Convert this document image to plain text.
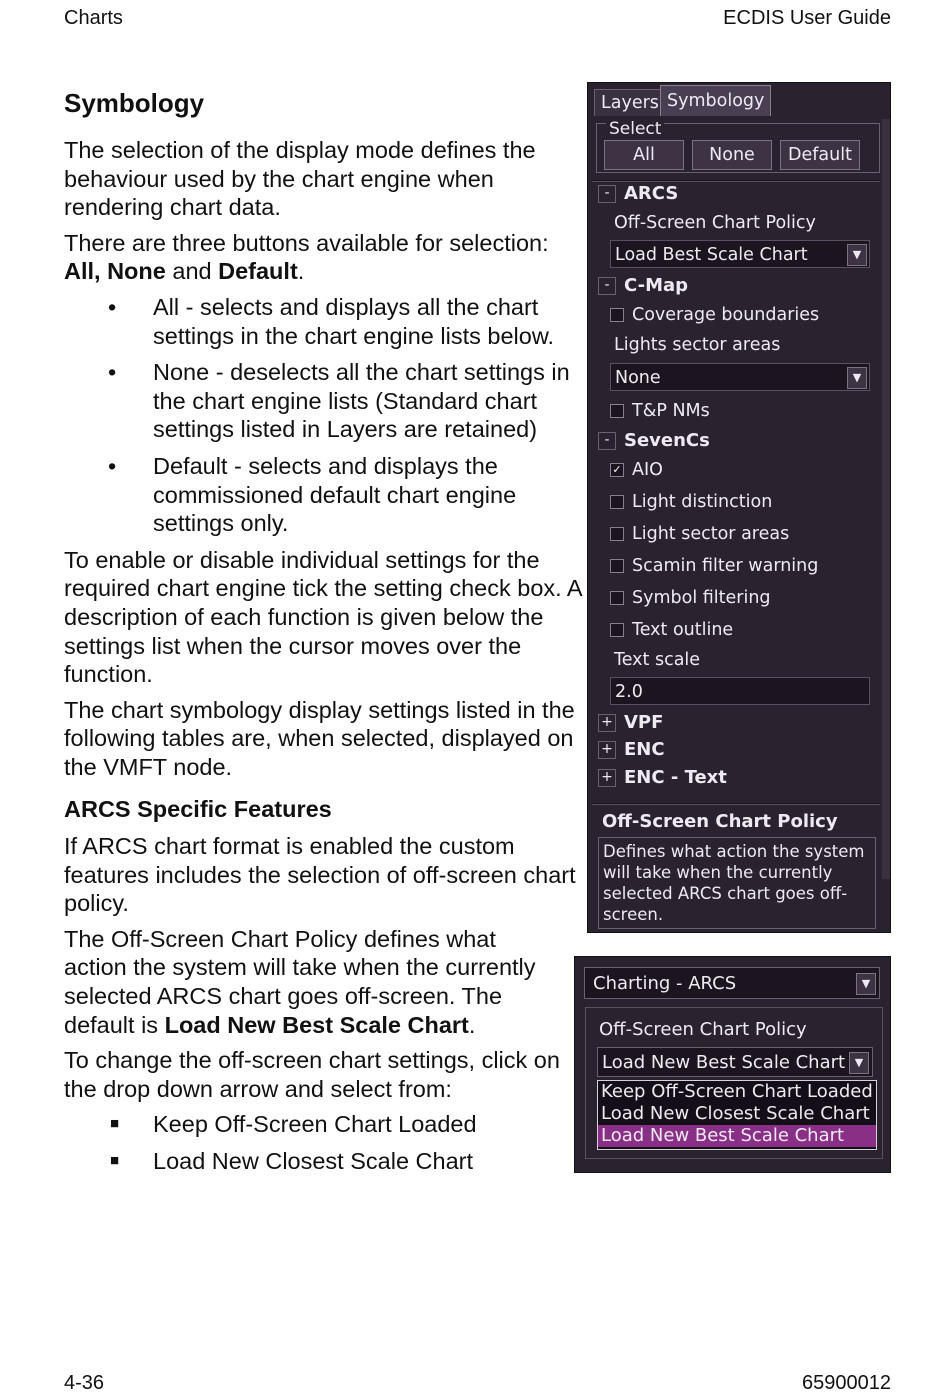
Charts	ECDIS User Guide
Symbology

The selection of the display mode defines the behaviour used by the chart engine when rendering chart data.

There are three buttons available for selection: All, None and Default.

• All - selects and displays all the chart settings in the chart engine lists below.
• None - deselects all the chart settings in the chart engine lists (Standard chart settings listed in Layers are retained)
• Default - selects and displays the commissioned default chart engine settings only.

To enable or disable individual settings for the required chart engine tick the setting check box. A description of each function is given below the settings list when the cursor moves over the function.

The chart symbology display settings listed in the following tables are, when selected, displayed on the VMFT node.

ARCS Specific Features

If ARCS chart format is enabled the custom features includes the selection of off-screen chart policy.

The Off-Screen Chart Policy defines what action the system will take when the currently selected ARCS chart goes off-screen. The default is Load New Best Scale Chart.

To change the off-screen chart settings, click on the drop down arrow and select from:

■ Keep Off-Screen Chart Loaded
■ Load New Closest Scale Chart
Layers Symbology
Select
All	None	Default
- ARCS
Off-Screen Chart Policy
Load Best Scale Chart	▼
- C-Map
Coverage boundaries
Lights sector areas
None	▼
T&P NMs
- SevenCs
✓ AIO
Light distinction
Light sector areas
Scamin filter warning
Symbol filtering
Text outline
Text scale
2.0
+ VPF
+ ENC
+ ENC - Text
Off-Screen Chart Policy
Defines what action the system will take when the currently selected ARCS chart goes off-screen.
Charting - ARCS	▼
Off-Screen Chart Policy
Load New Best Scale Chart ▼
Keep Off-Screen Chart Loaded
Load New Closest Scale Chart
Load New Best Scale Chart
4-36	65900012
